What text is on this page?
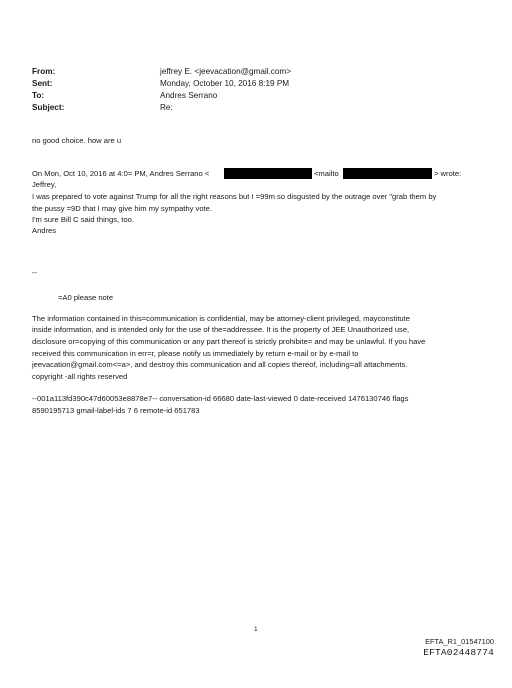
From:	jeffrey E. <jeevacation@gmail.com>
Sent:	Monday, October 10, 2016 8:19 PM
To:	Andres Serrano
Subject:	Re:
no good choice. how are u
On Mon, Oct 10, 2016 at 4:0= PM, Andres Serrano <	<mailto	> wrote:
Jeffrey,
I was prepared to vote against Trump for all the right reasons but I =99m so disgusted by the outrage over "grab them by
the pussy =9D that I may give him my sympathy vote.
I'm sure Bill C said things, too.
Andres
--
=A0 please note
The information contained in this=communication is confidential, may be attorney-client privileged, mayconstitute
inside information, and is intended only for the use of the=addressee. It is the property of JEE Unauthorized use,
disclosure or=copying of this communication or any part thereof is strictly prohibite= and may be unlawful. If you have
received this communication in err=r, please notify us immediately by return e-mail or by e-mail to
jeevacation@gmail.com<=a>, and destroy this communication and all copies thereof, including=all attachments.
copyright -all rights reserved
--001a113fd390c47d60053e8878e7-- conversation-id 66680 date-last-viewed 0 date-received 1476130746 flags
8590195713 gmail-label-ids 7 6 remote-id 651783
1
EFTA_R1_01547100
EFTA02448774
